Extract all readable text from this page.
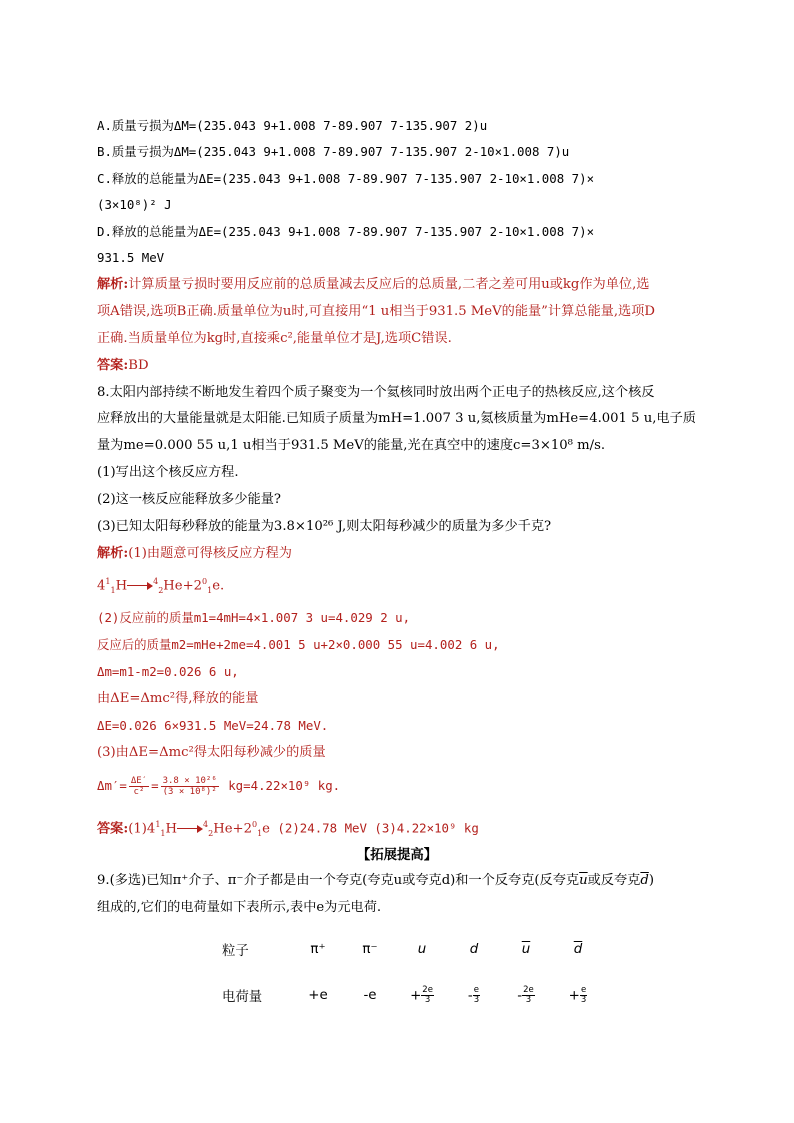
A.质量亏损为ΔM=(235.043 9+1.008 7-89.907 7-135.907 2)u
B.质量亏损为ΔM=(235.043 9+1.008 7-89.907 7-135.907 2-10×1.008 7)u
C.释放的总能量为ΔE=(235.043 9+1.008 7-89.907 7-135.907 2-10×1.008 7)×
(3×10⁸)² J
D.释放的总能量为ΔE=(235.043 9+1.008 7-89.907 7-135.907 2-10×1.008 7)×
931.5 MeV
解析:计算质量亏损时要用反应前的总质量减去反应后的总质量,二者之差可用u或kg作为单位,选
项A错误,选项B正确.质量单位为u时,可直接用“1 u相当于931.5 MeV的能量”计算总能量,选项D
正确.当质量单位为kg时,直接乘c²,能量单位才是J,选项C错误.
答案:BD
8.太阳内部持续不断地发生着四个质子聚变为一个氦核同时放出两个正电子的热核反应,这个核反
应释放出的大量能量就是太阳能.已知质子质量为mH=1.007 3 u,氦核质量为mHe=4.001 5 u,电子质
量为me=0.000 55 u,1 u相当于931.5 MeV的能量,光在真空中的速度c=3×10⁸ m/s.
(1)写出这个核反应方程.
(2)这一核反应能释放多少能量?
(3)已知太阳每秒释放的能量为3.8×10²⁶ J,则太阳每秒减少的质量为多少千克?
解析:(1)由题意可得核反应方程为
$4^1_1H$	$^4_2He+2^0_1e$.
(2)反应前的质量m1=4mH=4×1.007 3 u=4.029 2 u,
反应后的质量m2=mHe+2me=4.001 5 u+2×0.000 55 u=4.002 6 u,
Δm=m1-m2=0.026 6 u,
由ΔE=Δmc²得,释放的能量
ΔE=0.026 6×931.5 MeV=24.78 MeV.
(3)由ΔE=Δmc²得太阳每秒减少的质量
$\Delta m'= \frac{\Delta E'}{\text{c²}} = \frac{\text{3.8 × 10²⁶}}{\text{(3 × 10⁸)²}} kg=4.22\times 10^9$ kg.
答案$:(1)4^1_1H$	$^4_2He+2^0_1e$ (2)24.78 MeV (3)4.22×10⁹ kg
【拓展提高】
9.(多选)已知π⁺介子、π⁻介子都是由一个夸克(夸克u或夸克d)和一个反夸克(反夸克$\overline{u}$或反夸克$\overline{d}$)
组成的,它们的电荷量如下表所示,表中e为元电荷.
粒子	π⁺	π⁻	u	d	$\overline{u}$	$\overline{d}$
电荷量	+e	-e	+ $\frac{2e}{3}$	- $\frac{e}{3}$	- $\frac{2e}{3}$	+ $\frac{e}{3}$
